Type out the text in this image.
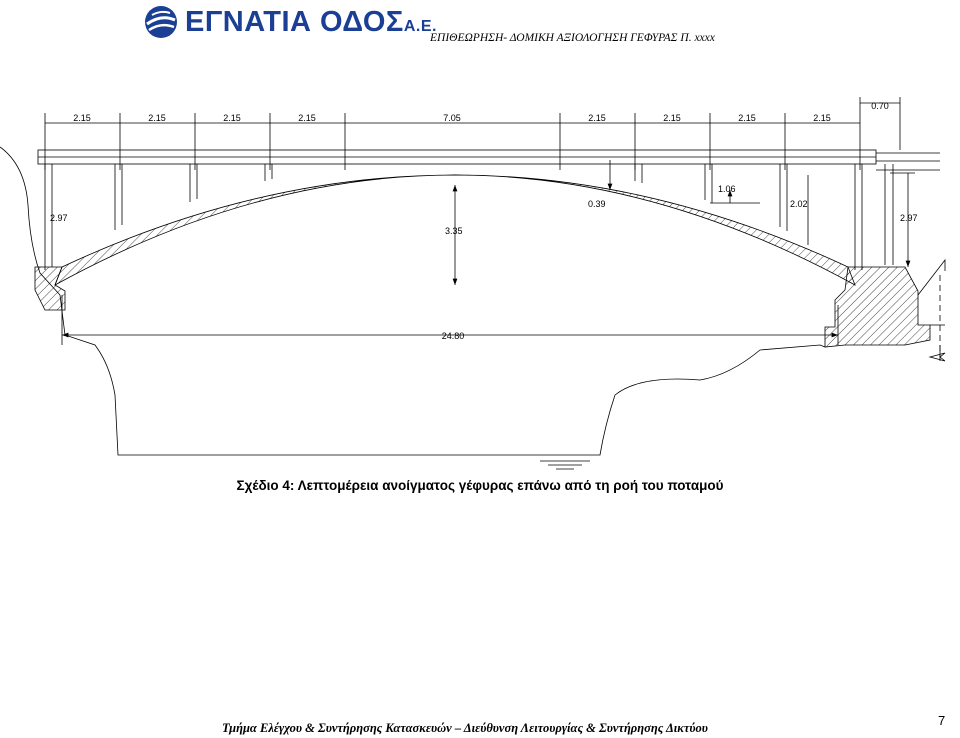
ΕΓΝΑΤΙΑ ΟΔΟΣΑ.Ε.
ΕΠΙΘΕΩΡΗΣΗ- ΔΟΜΙΚΗ ΑΞΙΟΛΟΓΗΣΗ ΓΕΦΥΡΑΣ Π. xxxx
2.15	2.15	2.15	2.15	7.05	2.15	2.15	2.15	2.15
0.70
2.97	2.97
3.35
0.39
1.06
2.02
24.80
Σχέδιο 4: Λεπτομέρεια ανοίγματος γέφυρας επάνω από τη ροή του ποταμού
Τμήμα Ελέγχου & Συντήρησης Κατασκευών – Διεύθυνση Λειτουργίας & Συντήρησης Δικτύου	7
